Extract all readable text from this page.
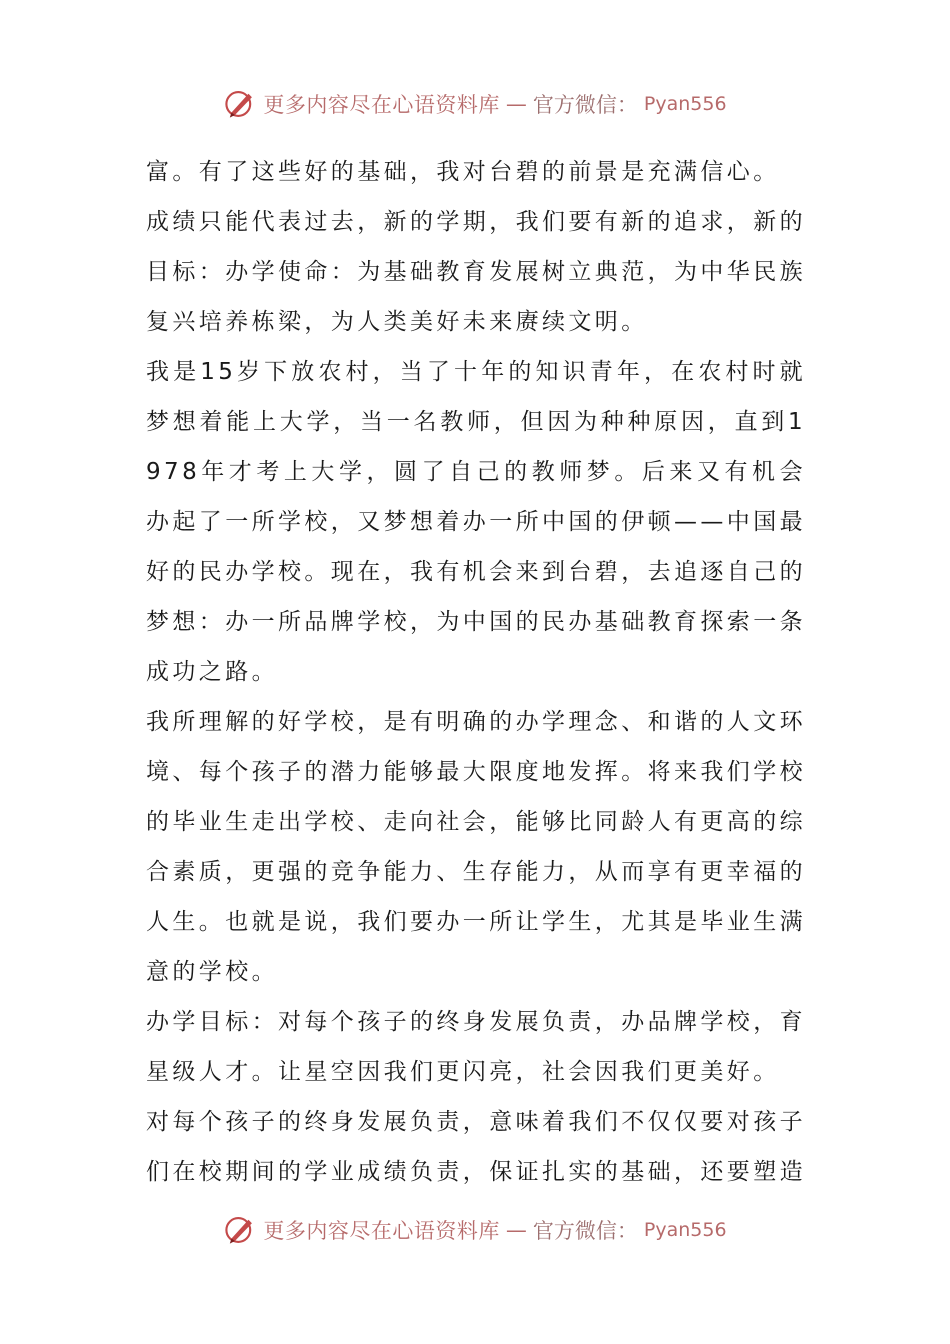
更多内容尽在心语资料库 — 官方微信： Pyan556

富。有了这些好的基础，我对台碧的前景是充满信心。

成绩只能代表过去，新的学期，我们要有新的追求，新的目标：办学使命：为基础教育发展树立典范，为中华民族复兴培养栋梁，为人类美好未来赓续文明。

我是15岁下放农村，当了十年的知识青年，在农村时就梦想着能上大学，当一名教师，但因为种种原因，直到1978年才考上大学，圆了自己的教师梦。后来又有机会办起了一所学校，又梦想着办一所中国的伊顿——中国最好的民办学校。现在，我有机会来到台碧，去追逐自己的梦想：办一所品牌学校，为中国的民办基础教育探索一条成功之路。

我所理解的好学校，是有明确的办学理念、和谐的人文环境、每个孩子的潜力能够最大限度地发挥。将来我们学校的毕业生走出学校、走向社会，能够比同龄人有更高的综合素质，更强的竞争能力、生存能力，从而享有更幸福的人生。也就是说，我们要办一所让学生，尤其是毕业生满意的学校。

办学目标：对每个孩子的终身发展负责，办品牌学校，育星级人才。让星空因我们更闪亮，社会因我们更美好。

对每个孩子的终身发展负责，意味着我们不仅仅要对孩子们在校期间的学业成绩负责，保证扎实的基础，还要塑造

更多内容尽在心语资料库 — 官方微信： Pyan556
